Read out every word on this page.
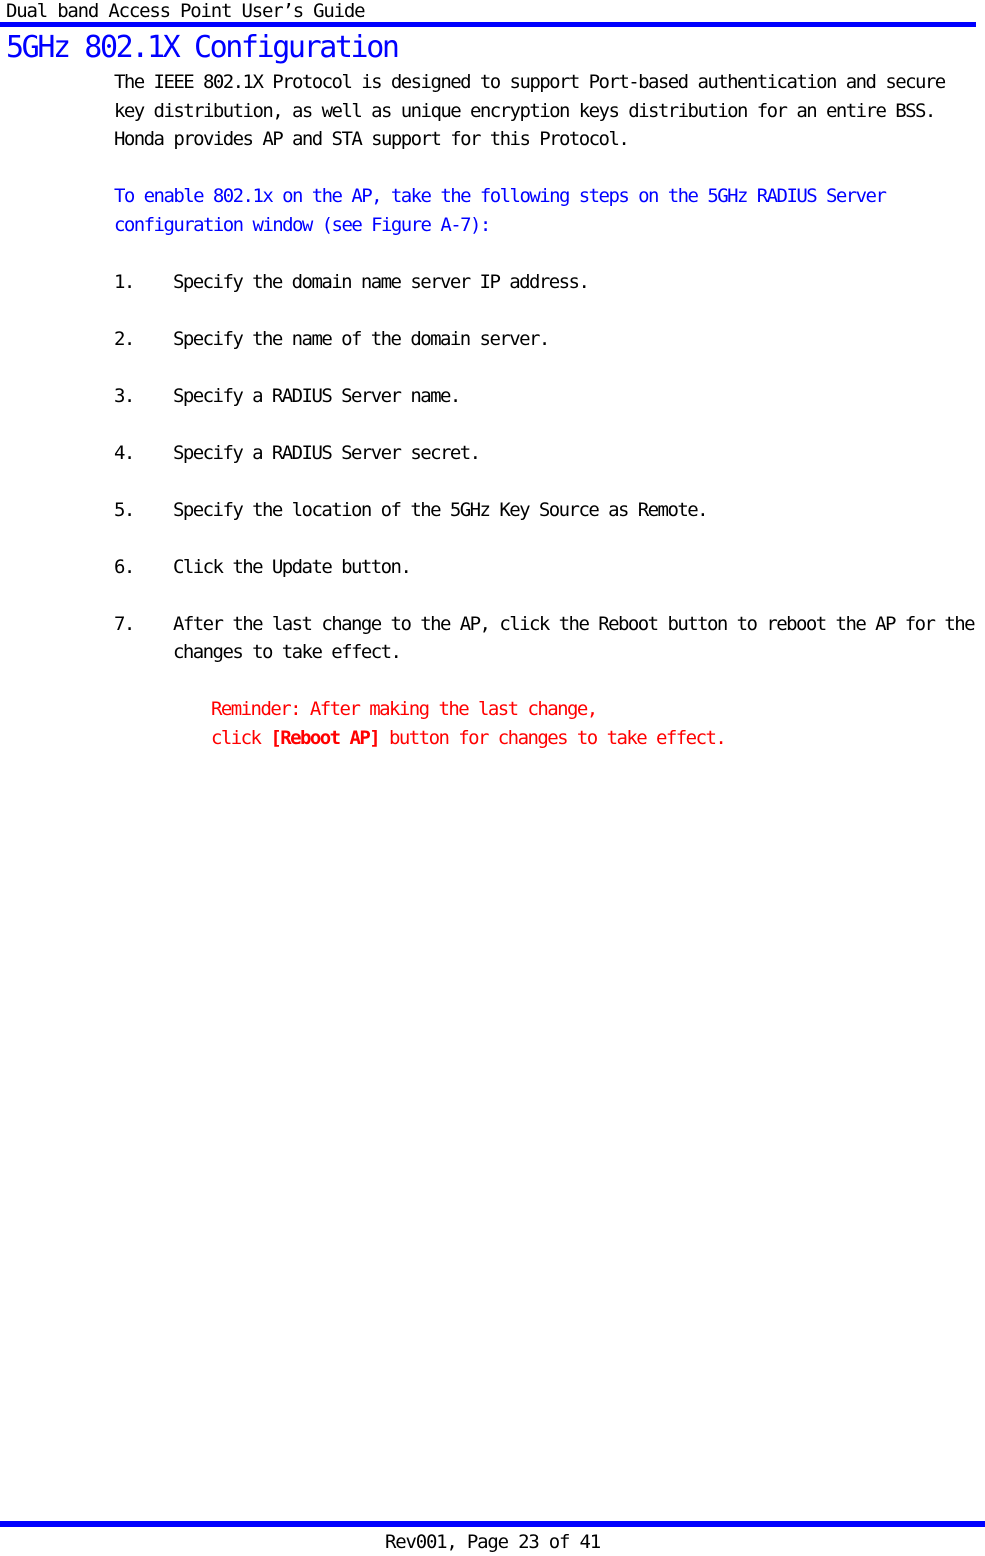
Dual band Access Point User’s Guide
5GHz 802.1X Configuration

The IEEE 802.1X Protocol is designed to support Port-based authentication and secure key distribution, as well as unique encryption keys distribution for an entire BSS. Honda provides AP and STA support for this Protocol.

To enable 802.1x on the AP, take the following steps on the 5GHz RADIUS Server configuration window (see Figure A-7):

1. Specify the domain name server IP address.
2. Specify the name of the domain server.
3. Specify a RADIUS Server name.
4. Specify a RADIUS Server secret.
5. Specify the location of the 5GHz Key Source as Remote.
6. Click the Update button.
7. After the last change to the AP, click the Reboot button to reboot the AP for the changes to take effect.
Reminder: After making the last change,
click [Reboot AP] button for changes to take effect.
Rev001, Page 23 of 41
